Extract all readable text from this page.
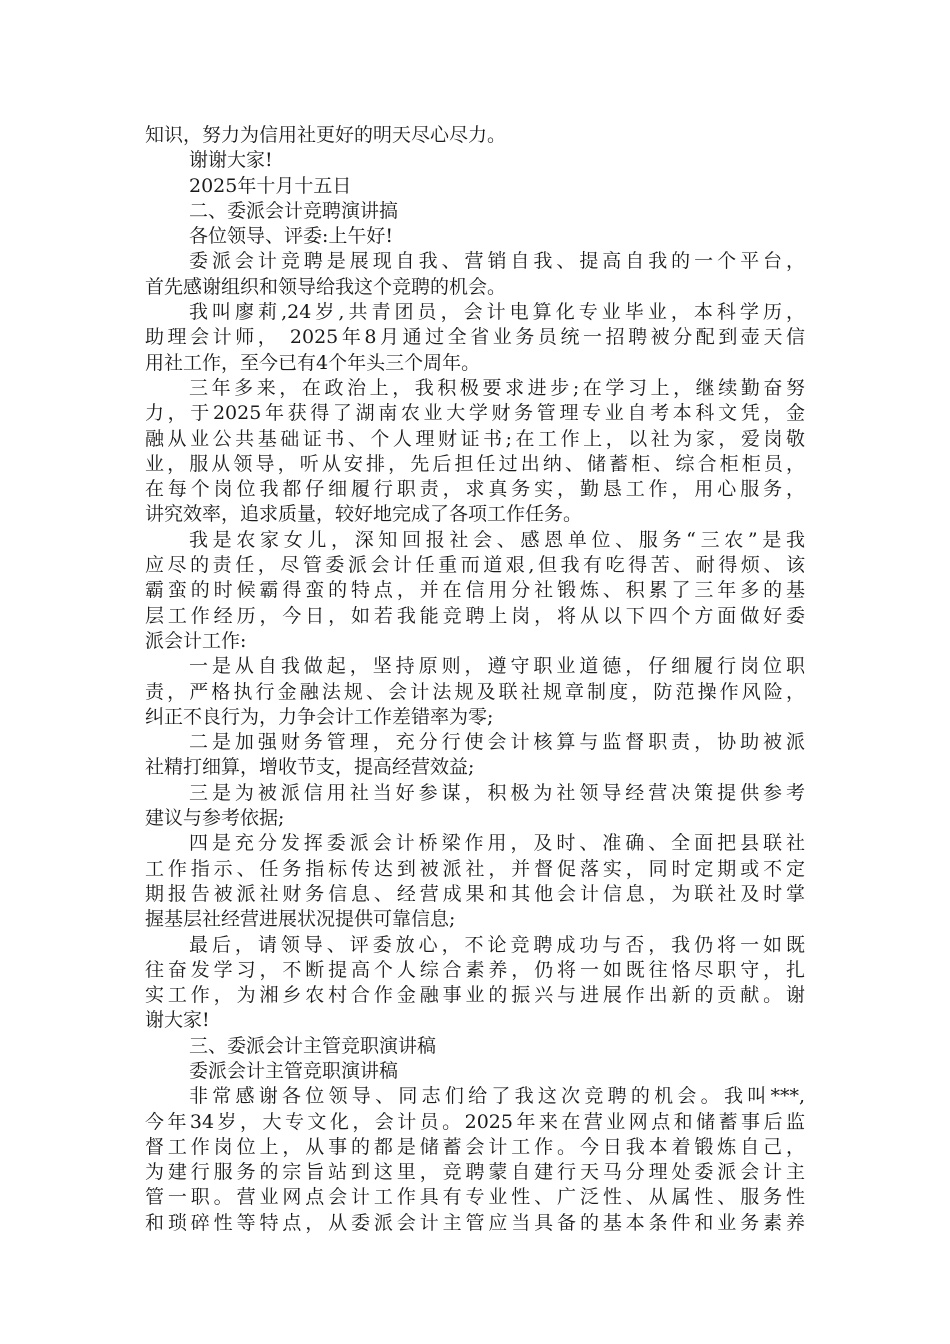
知识，努力为信用社更好的明天尽心尽力。
谢谢大家!
2025年十月十五日
二、委派会计竞聘演讲搞
各位领导、评委:上午好!
委派会计竞聘是展现自我、营销自我、提高自我的一个平台，
首先感谢组织和领导给我这个竞聘的机会。
我叫廖莉,24岁,共青团员，会计电算化专业毕业，本科学历，
助理会计师， 2025年8月通过全省业务员统一招聘被分配到壶天信
用社工作，至今已有4个年头三个周年。
三年多来，在政治上，我积极要求进步;在学习上，继续勤奋努
力，于2025年获得了湖南农业大学财务管理专业自考本科文凭，金
融从业公共基础证书、个人理财证书;在工作上，以社为家，爱岗敬
业，服从领导，听从安排，先后担任过出纳、储蓄柜、综合柜柜员，
在每个岗位我都仔细履行职责，求真务实，勤恳工作，用心服务，
讲究效率，追求质量，较好地完成了各项工作任务。
我是农家女儿，深知回报社会、感恩单位、服务“三农”是我
应尽的责任，尽管委派会计任重而道艰,但我有吃得苦、耐得烦、该
霸蛮的时候霸得蛮的特点，并在信用分社锻炼、积累了三年多的基
层工作经历，今日，如若我能竞聘上岗，将从以下四个方面做好委
派会计工作:
一是从自我做起，坚持原则，遵守职业道德，仔细履行岗位职
责，严格执行金融法规、会计法规及联社规章制度，防范操作风险，
纠正不良行为，力争会计工作差错率为零;
二是加强财务管理，充分行使会计核算与监督职责，协助被派
社精打细算，增收节支，提高经营效益;
三是为被派信用社当好参谋，积极为社领导经营决策提供参考
建议与参考依据;
四是充分发挥委派会计桥梁作用，及时、准确、全面把县联社
工作指示、任务指标传达到被派社，并督促落实，同时定期或不定
期报告被派社财务信息、经营成果和其他会计信息，为联社及时掌
握基层社经营进展状况提供可靠信息;
最后，请领导、评委放心，不论竞聘成功与否，我仍将一如既
往奋发学习，不断提高个人综合素养，仍将一如既往恪尽职守，扎
实工作，为湘乡农村合作金融事业的振兴与进展作出新的贡献。谢
谢大家!
三、委派会计主管竞职演讲稿
委派会计主管竞职演讲稿
非常感谢各位领导、同志们给了我这次竞聘的机会。我叫***,
今年34岁，大专文化，会计员。2025年来在营业网点和储蓄事后监
督工作岗位上，从事的都是储蓄会计工作。今日我本着锻炼自己，
为建行服务的宗旨站到这里，竞聘蒙自建行天马分理处委派会计主
管一职。营业网点会计工作具有专业性、广泛性、从属性、服务性
和琐碎性等特点，从委派会计主管应当具备的基本条件和业务素养
